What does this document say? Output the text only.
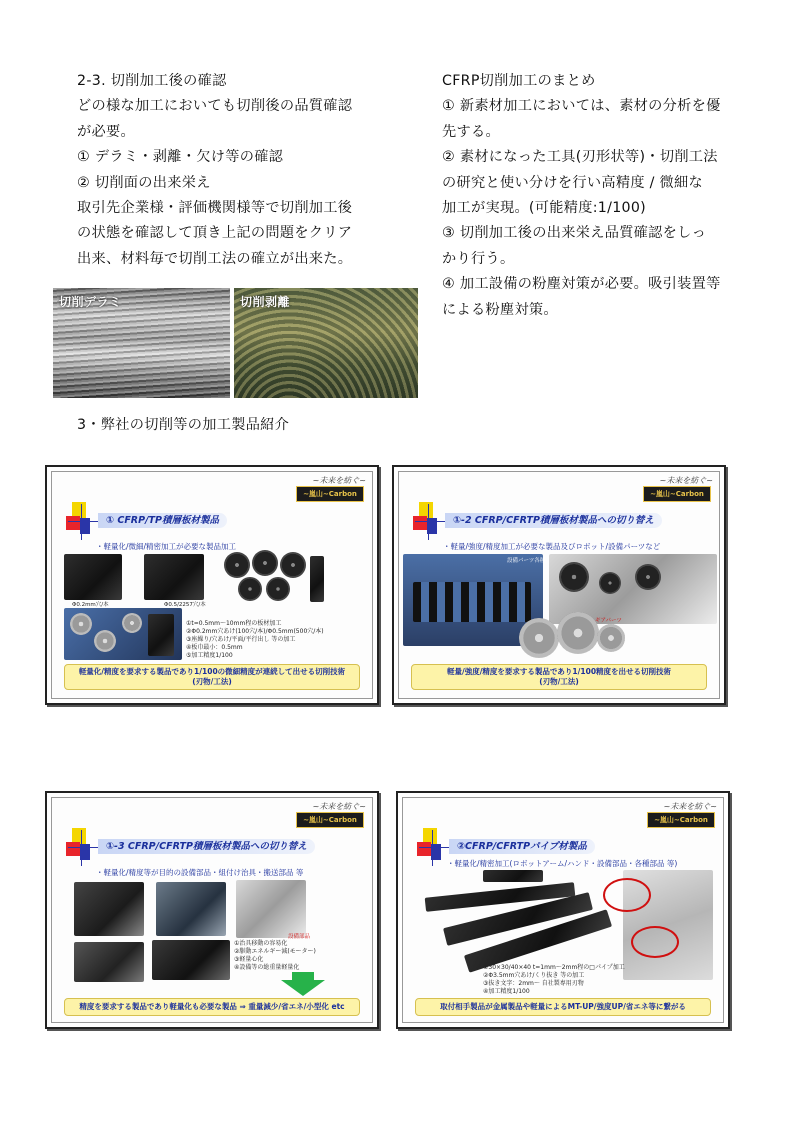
2-3. 切削加工後の確認

どの様な加工においても切削後の品質確認

が必要。

① デラミ・剥離・欠け等の確認

② 切削面の出来栄え

取引先企業様・評価機関様等で切削加工後

の状態を確認して頂き上記の問題をクリア

出来、材料毎で切削工法の確立が出来た。

CFRP切削加工のまとめ

① 新素材加工においては、素材の分析を優

先する。

② 素材になった工具(刃形状等)・切削工法

の研究と使い分けを行い高精度 / 微細な

加工が実現。(可能精度:1/100)

③ 切削加工後の出来栄え品質確認をしっ

かり行う。

④ 加工設備の粉塵対策が必要。吸引装置等

による粉塵対策。

切削デラミ	切削剥離
3・弊社の切削等の加工製品紹介
~未来を紡ぐ~
~嵐山~Carbon
① CFRP/TP積層板材製品
・軽量化/微細/精密加工が必要な製品加工
Φ0.2mm穴/本	Φ0.5/2257穴/本
①t=0.5mm～10mm程の板材加工
②Φ0.2mm穴あけ(100穴/本)/Φ0.5mm(500穴/本)
③座繰り/穴あけ/平面/平行出し 等の加工
④板巾最小：0.5mm
⑤加工精度1/100
軽量化/精度を要求する製品であり1/100の微細精度が連続して出せる切削技術
(刃物/工法)
~未来を紡ぐ~
~嵐山~Carbon
①-2 CFRP/CFRTP積層板材製品への切り替え
・軽量/強度/精度加工が必要な製品及びロボット/設備パーツなど
設備パーツ各種
ギアパーツ
軽量/強度/精度を要求する製品であり1/100精度を出せる切削技術
(刃物/工法)
~未来を紡ぐ~
~嵐山~Carbon
①-3 CFRP/CFRTP積層板材製品への切り替え
・軽量化/精度等が目的の設備部品・組付け治具・搬送部品 等
設備部品
①治具移動の容易化
②駆動エネルギー減(モーター)
③軽量心化
④設備等の総重量軽量化
精度を要求する製品であり軽量化も必要な製品 ⇒ 重量減少/省エネ/小型化 etc
~未来を紡ぐ~
~嵐山~Carbon
②CFRP/CFRTPパイプ材製品
・軽量化/精密加工(ロボットアーム/ハンド・設備部品・各種部品 等)
①30×30/40×40 t=1mm～2mm程の□パイプ加工
②Φ3.5mm穴あけ/くり抜き 等の加工
③抜き文字：2mm～ 自社製専用刃物
④加工精度1/100
取付相手製品が金属製品や軽量によるMT-UP/強度UP/省エネ等に繋がる
